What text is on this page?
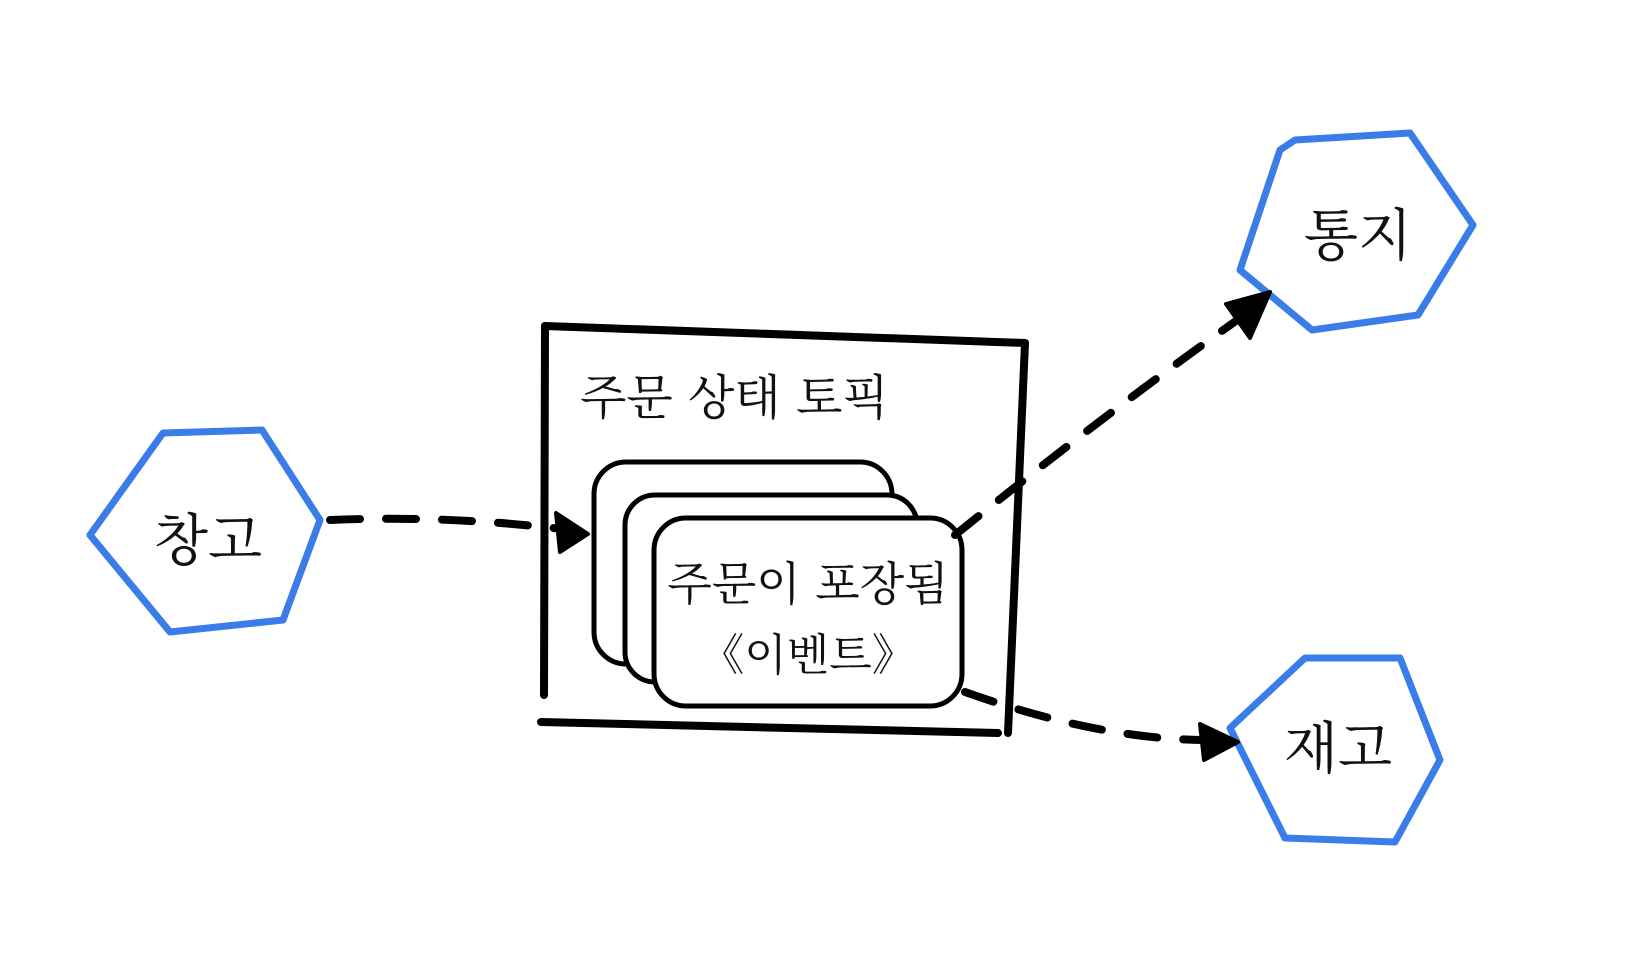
주문 상태 토픽
주문이 포장됨
《이벤트》
창고
통지
재고
